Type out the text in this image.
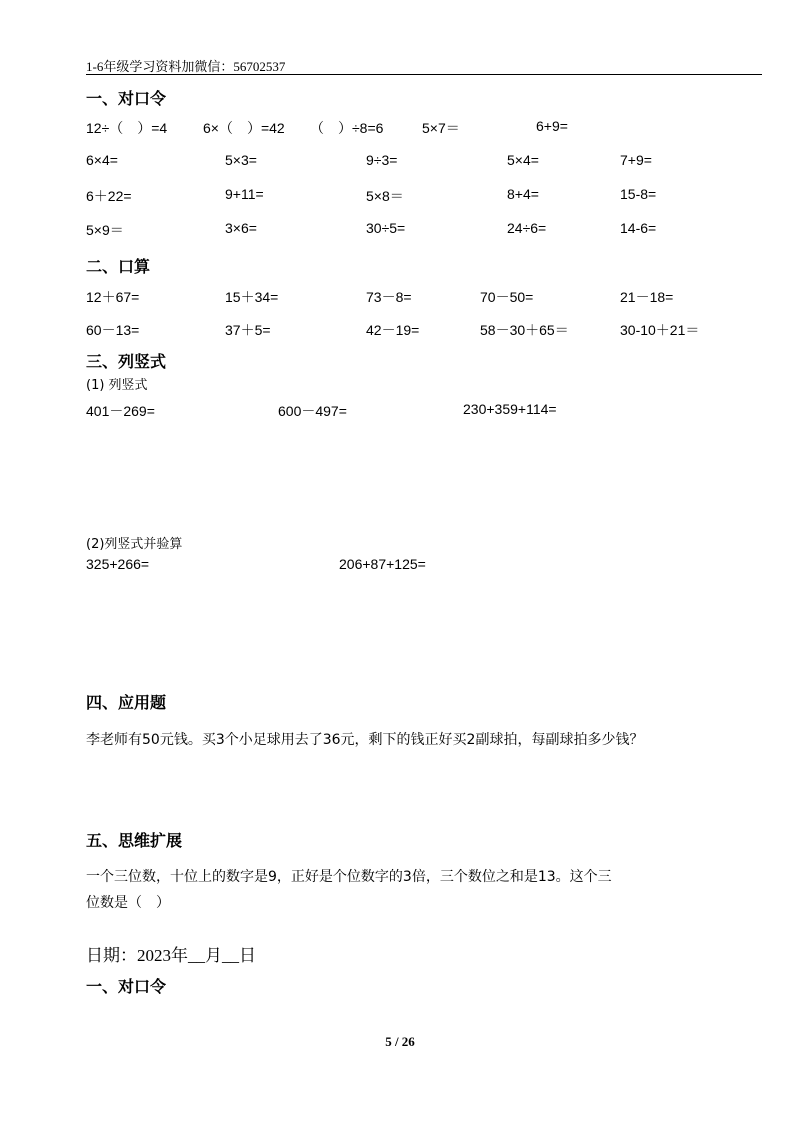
1-6年级学习资料加微信：56702537
一、对口令
12÷（　）=4	6×（　）=42 （　）÷8=6	5×7＝	6+9=
6×4=	5×3=	9÷3=	5×4=	7+9=
6＋22=	9+11=	5×8＝	8+4=	15-8=
5×9＝	3×6=	30÷5=	24÷6=	14-6=
二、口算
12＋67=	15＋34=	73－8=	70－50=	21－18=
60－13=	37＋5=	42－19=	58－30＋65＝	30-10＋21＝
三、列竖式
(1) 列竖式
401－269=	600－497=	230+359+114=
(2)列竖式并验算
325+266=	206+87+125=
四、应用题
李老师有50元钱。买3个小足球用去了36元，剩下的钱正好买2副球拍，每副球拍多少钱？
五、思维扩展
一个三位数，十位上的数字是9，正好是个位数字的3倍，三个数位之和是13。这个三
位数是（　）
日期：2023年__月__日
一、对口令
5 / 26
